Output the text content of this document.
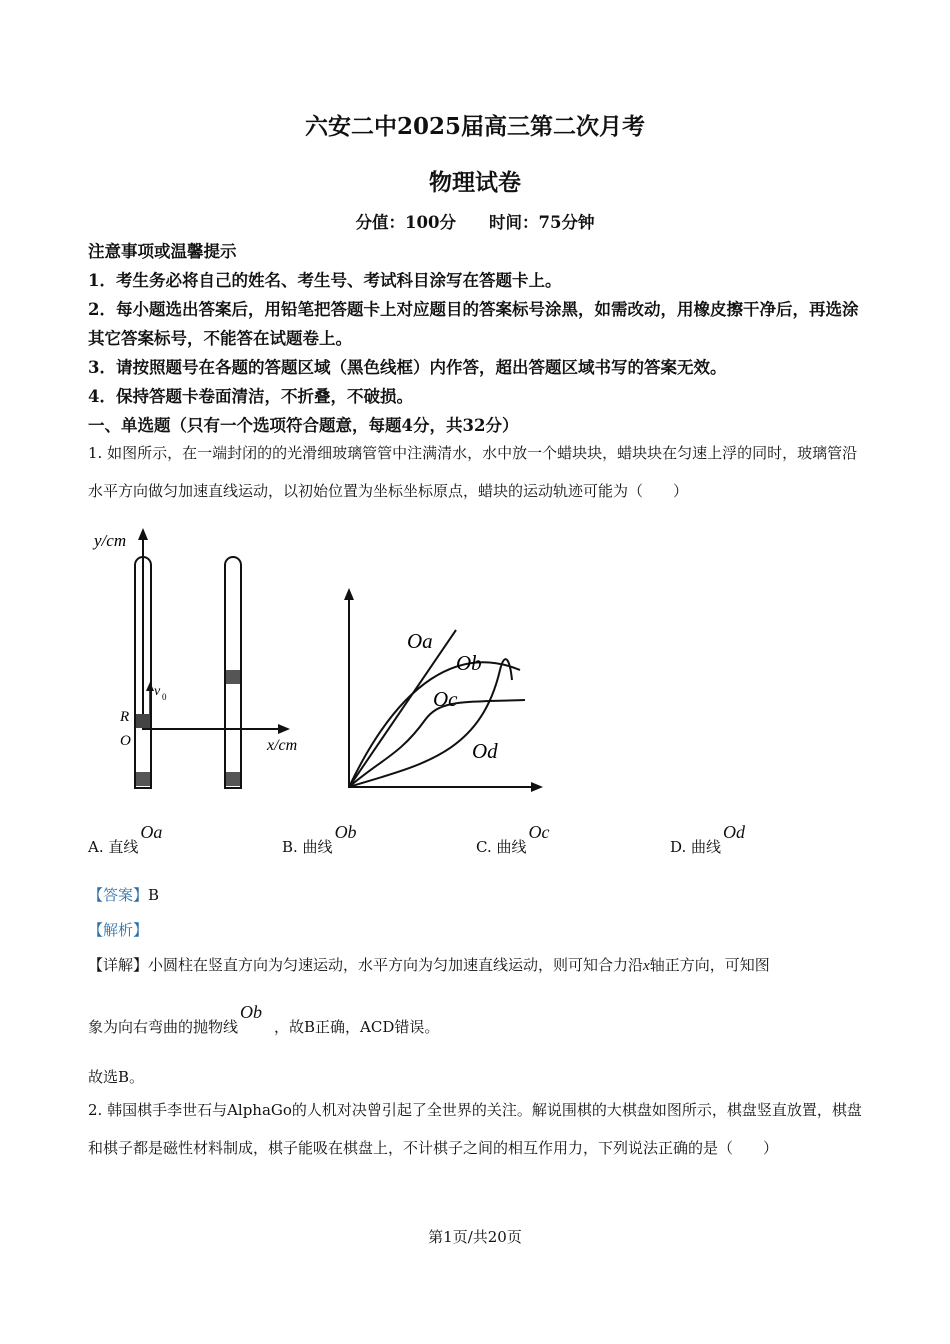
六安二中2025届高三第二次月考
物理试卷
分值：100分　　时间：75分钟
注意事项或温馨提示
1．考生务必将自己的姓名、考生号、考试科目涂写在答题卡上。
2．每小题选出答案后，用铅笔把答题卡上对应题目的答案标号涂黑，如需改动，用橡皮擦干净后，再选涂其它答案标号，不能答在试题卷上。
3．请按照题号在各题的答题区域（黑色线框）内作答，超出答题区域书写的答案无效。
4．保持答题卡卷面清洁，不折叠，不破损。
一、单选题（只有一个选项符合题意，每题4分，共32分）
1. 如图所示，在一端封闭的的光滑细玻璃管管中注满清水，水中放一个蜡块块，蜡块块在匀速上浮的同时，玻璃管沿水平方向做匀加速直线运动，以初始位置为坐标坐标原点，蜡块的运动轨迹可能为（　　）
y/cm
x/cm
v 0
R
O
Oa
Ob
Oc
Od
A. 直线Oa
B. 曲线Ob
C. 曲线Oc
D. 曲线Od
【答案】B
【解析】
【详解】小圆柱在竖直方向为匀速运动，水平方向为匀加速直线运动，则可知合力沿x轴正方向，可知图
象为向右弯曲的抛物线Ob，故B正确，ACD错误。
故选B。
2. 韩国棋手李世石与AlphaGo的人机对决曾引起了全世界的关注。解说围棋的大棋盘如图所示，棋盘竖直放置，棋盘和棋子都是磁性材料制成，棋子能吸在棋盘上，不计棋子之间的相互作用力，下列说法正确的是（　　）
第1页/共20页
